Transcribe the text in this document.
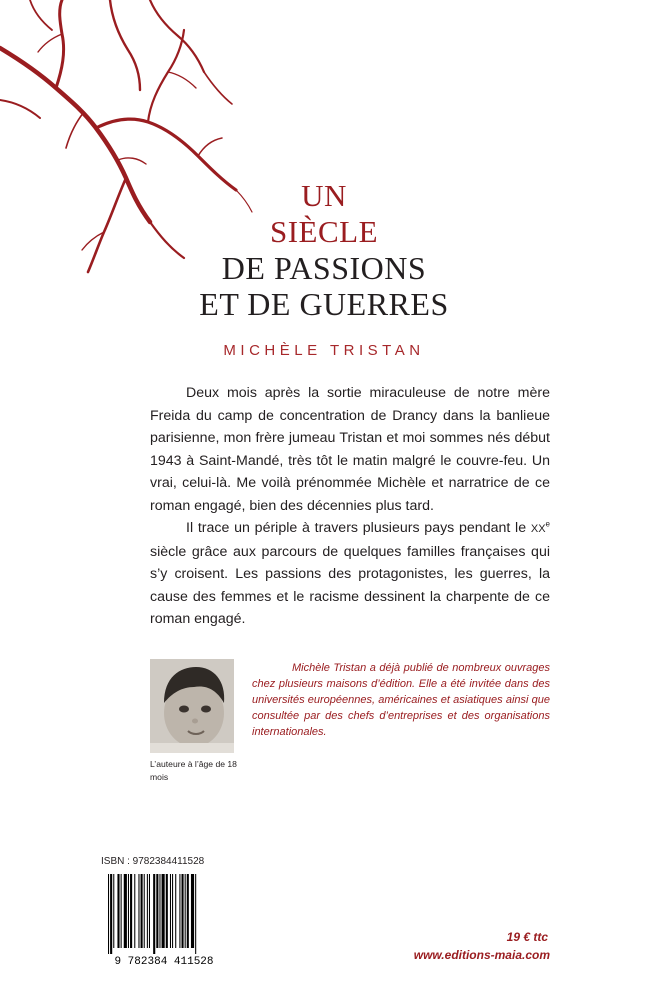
UN
SIÈCLE
DE PASSIONS
ET DE GUERRES
MICHÈLE TRISTAN

Deux mois après la sortie miraculeuse de notre mère Freida du camp de concentration de Drancy dans la banlieue parisienne, mon frère jumeau Tristan et moi sommes nés début 1943 à Saint-Mandé, très tôt le matin malgré le couvre-feu. Un vrai, celui-là. Me voilà prénommée Michèle et narratrice de ce roman engagé, bien des décennies plus tard.

Il trace un périple à travers plusieurs pays pendant le XXe siècle grâce aux parcours de quelques familles françaises qui s’y croisent. Les passions des protagonistes, les guerres, la cause des femmes et le racisme dessinent la charpente de ce roman engagé.

L’auteure à l’âge de 18 mois
Michèle Tristan a déjà publié de nombreux ouvrages chez plusieurs maisons d’édition. Elle a été invitée dans des universités européennes, américaines et asiatiques ainsi que consultée par des chefs d’entreprises et des organisations internationales.
ISBN : 9782384411528
9 782384 411528
19 € ttc
www.editions-maia.com
